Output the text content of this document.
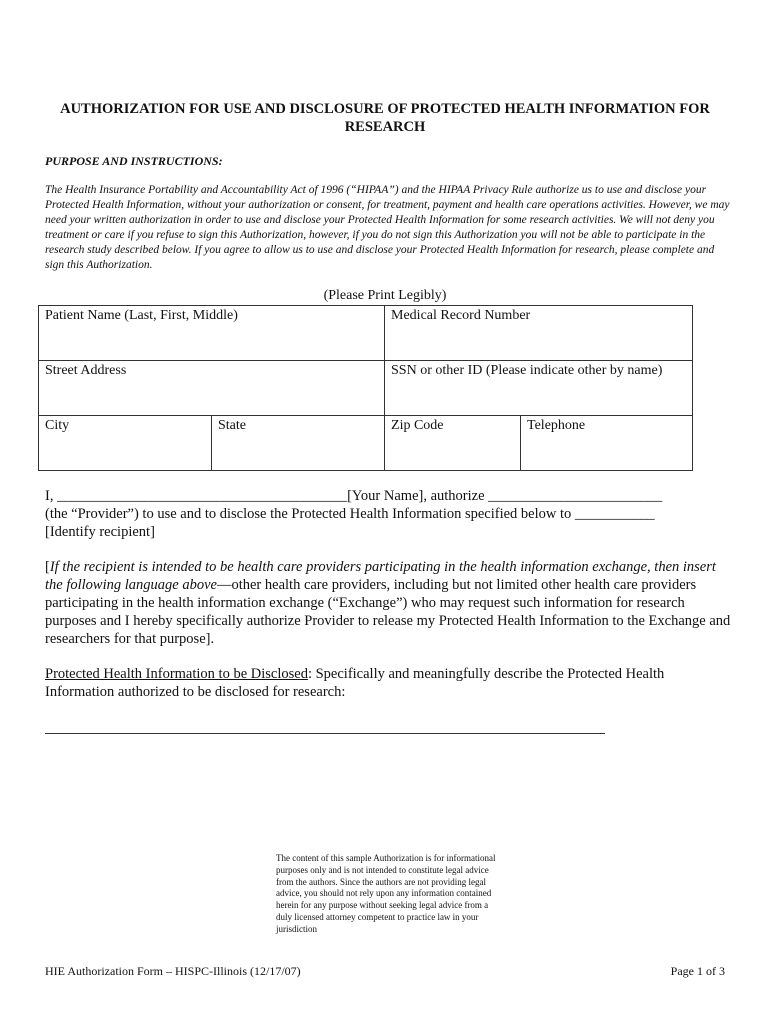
AUTHORIZATION FOR USE AND DISCLOSURE OF PROTECTED HEALTH INFORMATION FOR RESEARCH
PURPOSE AND INSTRUCTIONS:
The Health Insurance Portability and Accountability Act of 1996 (“HIPAA”) and the HIPAA Privacy Rule authorize us to use and disclose your Protected Health Information, without your authorization or consent, for treatment, payment and health care operations activities. However, we may need your written authorization in order to use and disclose your Protected Health Information for some research activities. We will not deny you treatment or care if you refuse to sign this Authorization, however, if you do not sign this Authorization you will not be able to participate in the research study described below. If you agree to allow us to use and disclose your Protected Health Information for research, please complete and sign this Authorization.
(Please Print Legibly)
Patient Name (Last, First, Middle)		Medical Record Number	
Street Address		SSN or other ID (Please indicate other by name)	
City	State	Zip Code	Telephone
I, ________________________________________[Your Name], authorize ________________________
(the “Provider”) to use and to disclose the Protected Health Information specified below to ___________
[Identify recipient]
[If the recipient is intended to be health care providers participating in the health information exchange, then insert the following language above—other health care providers, including but not limited other health care providers participating in the health information exchange (“Exchange”) who may request such information for research purposes and I hereby specifically authorize Provider to release my Protected Health Information to the Exchange and researchers for that purpose].
Protected Health Information to be Disclosed: Specifically and meaningfully describe the Protected Health Information authorized to be disclosed for research:
The content of this sample Authorization is for informational purposes only and is not intended to constitute legal advice from the authors. Since the authors are not providing legal advice, you should not rely upon any information contained herein for any purpose without seeking legal advice from a duly licensed attorney competent to practice law in your jurisdiction
HIE Authorization Form – HISPC-Illinois (12/17/07)	Page 1 of 3
